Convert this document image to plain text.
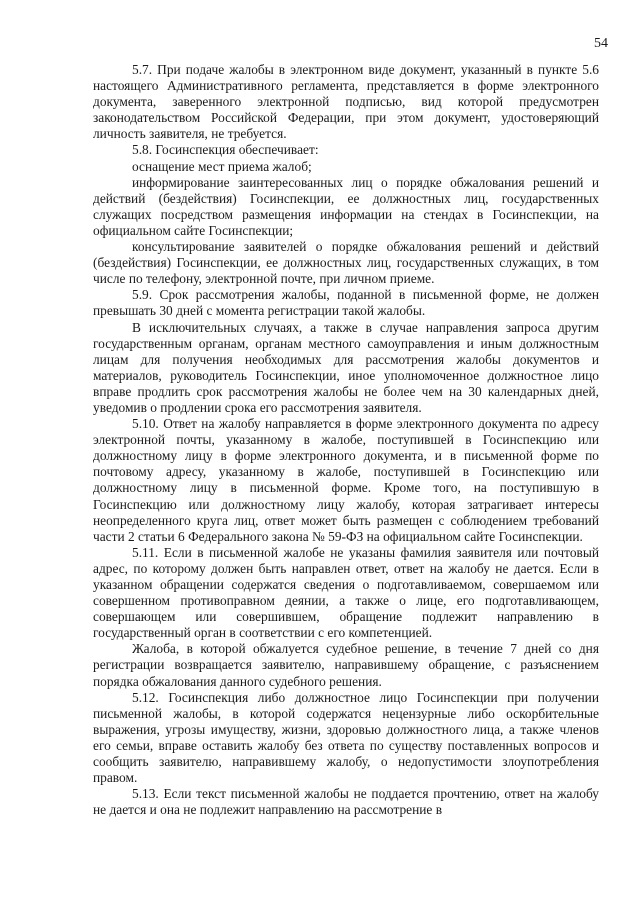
54

5.7. При подаче жалобы в электронном виде документ, указанный в пункте 5.6 настоящего Административного регламента, представляется в форме электронного документа, заверенного электронной подписью, вид которой предусмотрен законодательством Российской Федерации, при этом документ, удостоверяющий личность заявителя, не требуется.

5.8. Госинспекция обеспечивает:

оснащение мест приема жалоб;

информирование заинтересованных лиц о порядке обжалования решений и действий (бездействия) Госинспекции, ее должностных лиц, государственных служащих посредством размещения информации на стендах в Госинспекции, на официальном сайте Госинспекции;

консультирование заявителей о порядке обжалования решений и действий (бездействия) Госинспекции, ее должностных лиц, государственных служащих, в том числе по телефону, электронной почте, при личном приеме.

5.9. Срок рассмотрения жалобы, поданной в письменной форме, не должен превышать 30 дней с момента регистрации такой жалобы.

В исключительных случаях, а также в случае направления запроса другим государственным органам, органам местного самоуправления и иным должностным лицам для получения необходимых для рассмотрения жалобы документов и материалов, руководитель Госинспекции, иное уполномоченное должностное лицо вправе продлить срок рассмотрения жалобы не более чем на 30 календарных дней, уведомив о продлении срока его рассмотрения заявителя.

5.10. Ответ на жалобу направляется в форме электронного документа по адресу электронной почты, указанному в жалобе, поступившей в Госинспекцию или должностному лицу в форме электронного документа, и в письменной форме по почтовому адресу, указанному в жалобе, поступившей в Госинспекцию или должностному лицу в письменной форме. Кроме того, на поступившую в Госинспекцию или должностному лицу жалобу, которая затрагивает интересы неопределенного круга лиц, ответ может быть размещен с соблюдением требований части 2 статьи 6 Федерального закона № 59-ФЗ на официальном сайте Госинспекции.

5.11. Если в письменной жалобе не указаны фамилия заявителя или почтовый адрес, по которому должен быть направлен ответ, ответ на жалобу не дается. Если в указанном обращении содержатся сведения о подготавливаемом, совершаемом или совершенном противоправном деянии, а также о лице, его подготавливающем, совершающем или совершившем, обращение подлежит направлению в государственный орган в соответствии с его компетенцией.

Жалоба, в которой обжалуется судебное решение, в течение 7 дней со дня регистрации возвращается заявителю, направившему обращение, с разъяснением порядка обжалования данного судебного решения.

5.12. Госинспекция либо должностное лицо Госинспекции при получении письменной жалобы, в которой содержатся нецензурные либо оскорбительные выражения, угрозы имуществу, жизни, здоровью должностного лица, а также членов его семьи, вправе оставить жалобу без ответа по существу поставленных вопросов и сообщить заявителю, направившему жалобу, о недопустимости злоупотребления правом.

5.13. Если текст письменной жалобы не поддается прочтению, ответ на жалобу не дается и она не подлежит направлению на рассмотрение в
